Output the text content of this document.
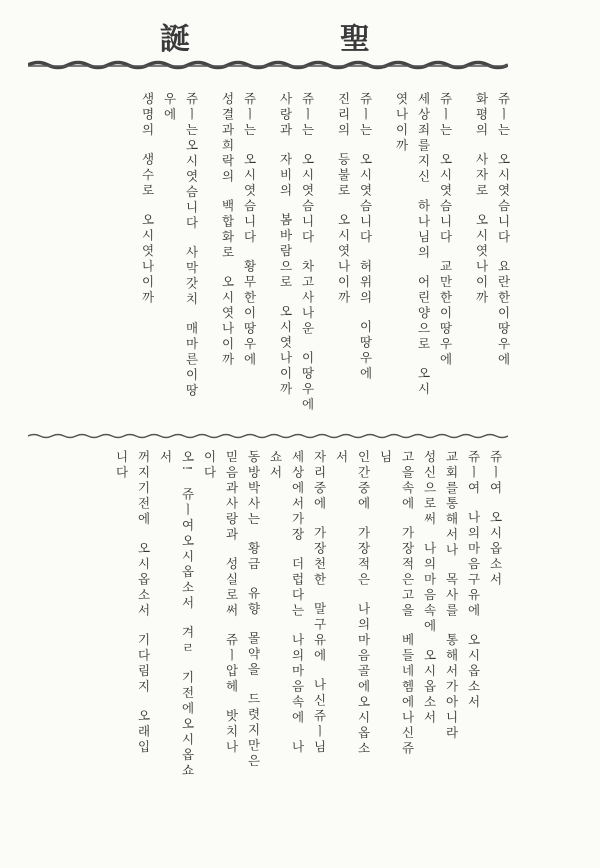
誕	聖
쥬ㅣ는  오시엿슴니다  요란한이땅우에
화평의  사자로  오시엿나이까
쥬ㅣ는  오시엿슴니다  교만한이땅우에
세상죄를지신  하나님의  어린양으로  오시
엿나이까
쥬ㅣ는  오시엿슴니다  허위의  이땅우에
진리의  등불로  오시엿나이까
쥬ㅣ는  오시엿슴니다  차고사나운  이땅우에
사랑과  자비의  봄바람으로  오시엿나이까
쥬ㅣ는  오시엿슴니다  황무한이땅우에
성결과희락의  백합화로  오시엿나이까
쥬ㅣ는오시엿슴니다  사막갓치  매마른이땅
우에
생명의  생수로  오시엿나이까
쥬ㅣ여  오시옵소서
쥬ㅣ여  나의마음구유에  오시옵소서
교회를통해서나  목사를  통해서가아니라
성신으로써  나의마음속에  오시옵소서
고을속에  가장적은고을  베들네헴에나신쥬
님
인간중에  가장적은  나의마음골에오시옵소
서
자리중에  가장천한  말구유에  나신쥬ㅣ님
세상에서가장  더럽다는  나의마음속에  나
쇼서
동방박사는  황금  유향  몰약을  드렷지만은
믿음과사랑과  성실로써  쥬ㅣ압헤  밧치나
이다
오!  쥬ㅣ여오시옵소서  겨ㄹ  기전에오시옵쇼
서
꺼지기전에  오시옵소서  기다림지  오래입
니다
